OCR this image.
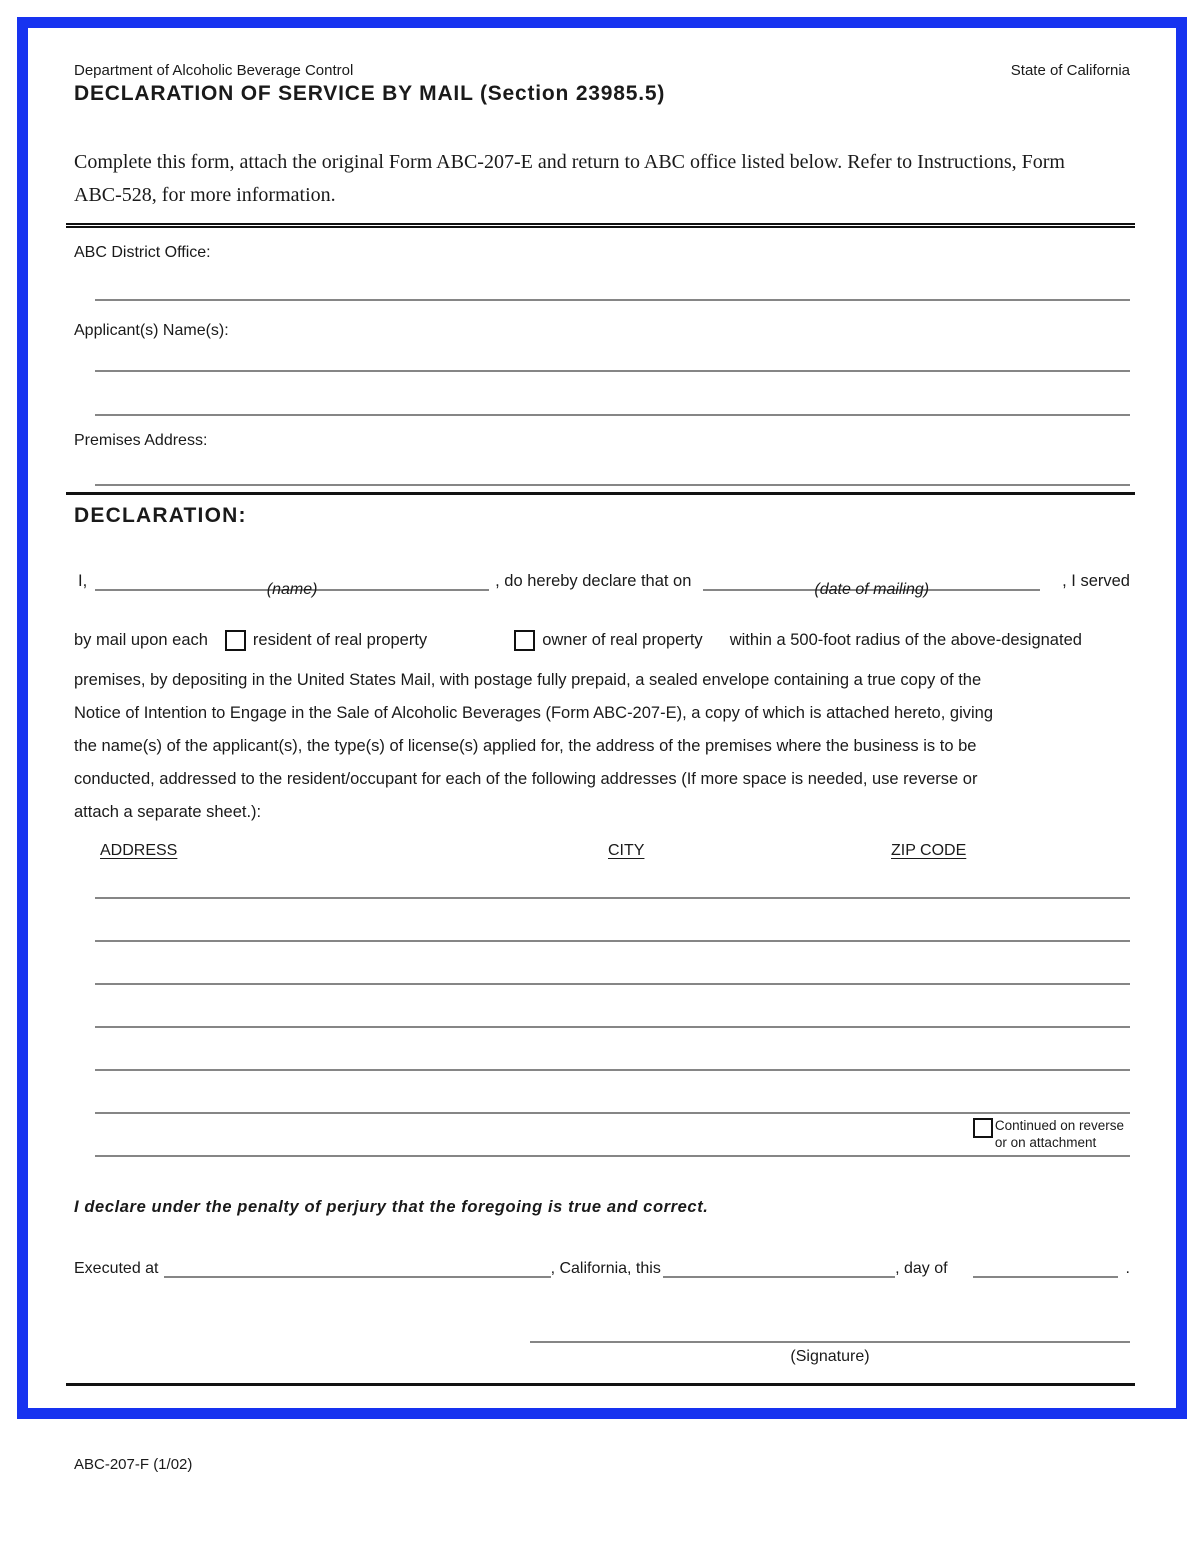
Department of Alcoholic Beverage Control	State of California
DECLARATION OF SERVICE BY MAIL (Section 23985.5)
Complete this form, attach the original Form ABC-207-E and return to ABC office listed below. Refer to Instructions, Form ABC-528, for more information.
ABC District Office:
Applicant(s) Name(s):
Premises Address:
DECLARATION:
I,	(name)	, do hereby declare that on	(date of mailing)	, I served
by mail upon each	resident of real property	owner of real property within a 500-foot radius of the above-designated
premises, by depositing in the United States Mail, with postage fully prepaid, a sealed envelope containing a true copy of the
Notice of Intention to Engage in the Sale of Alcoholic Beverages (Form ABC-207-E), a copy of which is attached hereto, giving
the name(s) of the applicant(s), the type(s) of license(s) applied for, the address of the premises where the business is to be
conducted, addressed to the resident/occupant for each of the following addresses (If more space is needed, use reverse or
attach a separate sheet.):
ADDRESS	CITY	ZIP CODE
Continued on reverse
or on attachment
I declare under the penalty of perjury that the foregoing is true and correct.
Executed at	, California, this	, day of	.
(Signature)
ABC-207-F (1/02)
